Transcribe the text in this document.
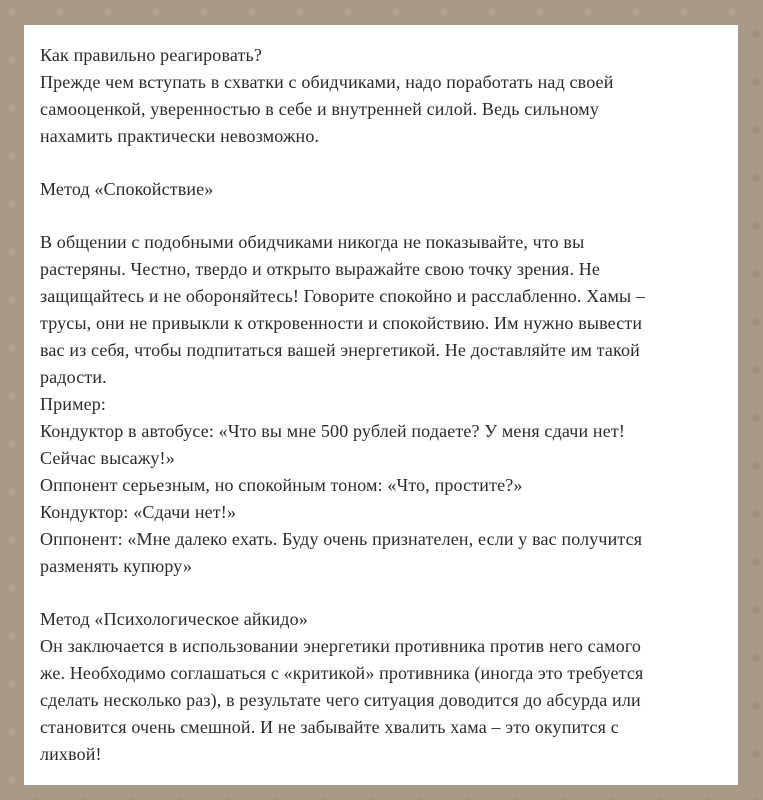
Как правильно реагировать?
Прежде чем вступать в схватки с обидчиками, надо поработать над своей
самооценкой, уверенностью в себе и внутренней силой. Ведь сильному
нахамить практически невозможно.
Метод «Спокойствие»
В общении с подобными обидчиками никогда не показывайте, что вы
растеряны. Честно, твердо и открыто выражайте свою точку зрения. Не
защищайтесь и не обороняйтесь! Говорите спокойно и расслабленно. Хамы –
трусы, они не привыкли к откровенности и спокойствию. Им нужно вывести
вас из себя, чтобы подпитаться вашей энергетикой. Не доставляйте им такой
радости.
Пример:
Кондуктор в автобусе: «Что вы мне 500 рублей подаете? У меня сдачи нет!
Сейчас высажу!»
Оппонент серьезным, но спокойным тоном: «Что, простите?»
Кондуктор: «Сдачи нет!»
Оппонент: «Мне далеко ехать. Буду очень признателен, если у вас получится
разменять купюру»
Метод «Психологическое айкидо»
Он заключается в использовании энергетики противника против него самого
же. Необходимо соглашаться с «критикой» противника (иногда это требуется
сделать несколько раз), в результате чего ситуация доводится до абсурда или
становится очень смешной. И не забывайте хвалить хама – это окупится с
лихвой!
